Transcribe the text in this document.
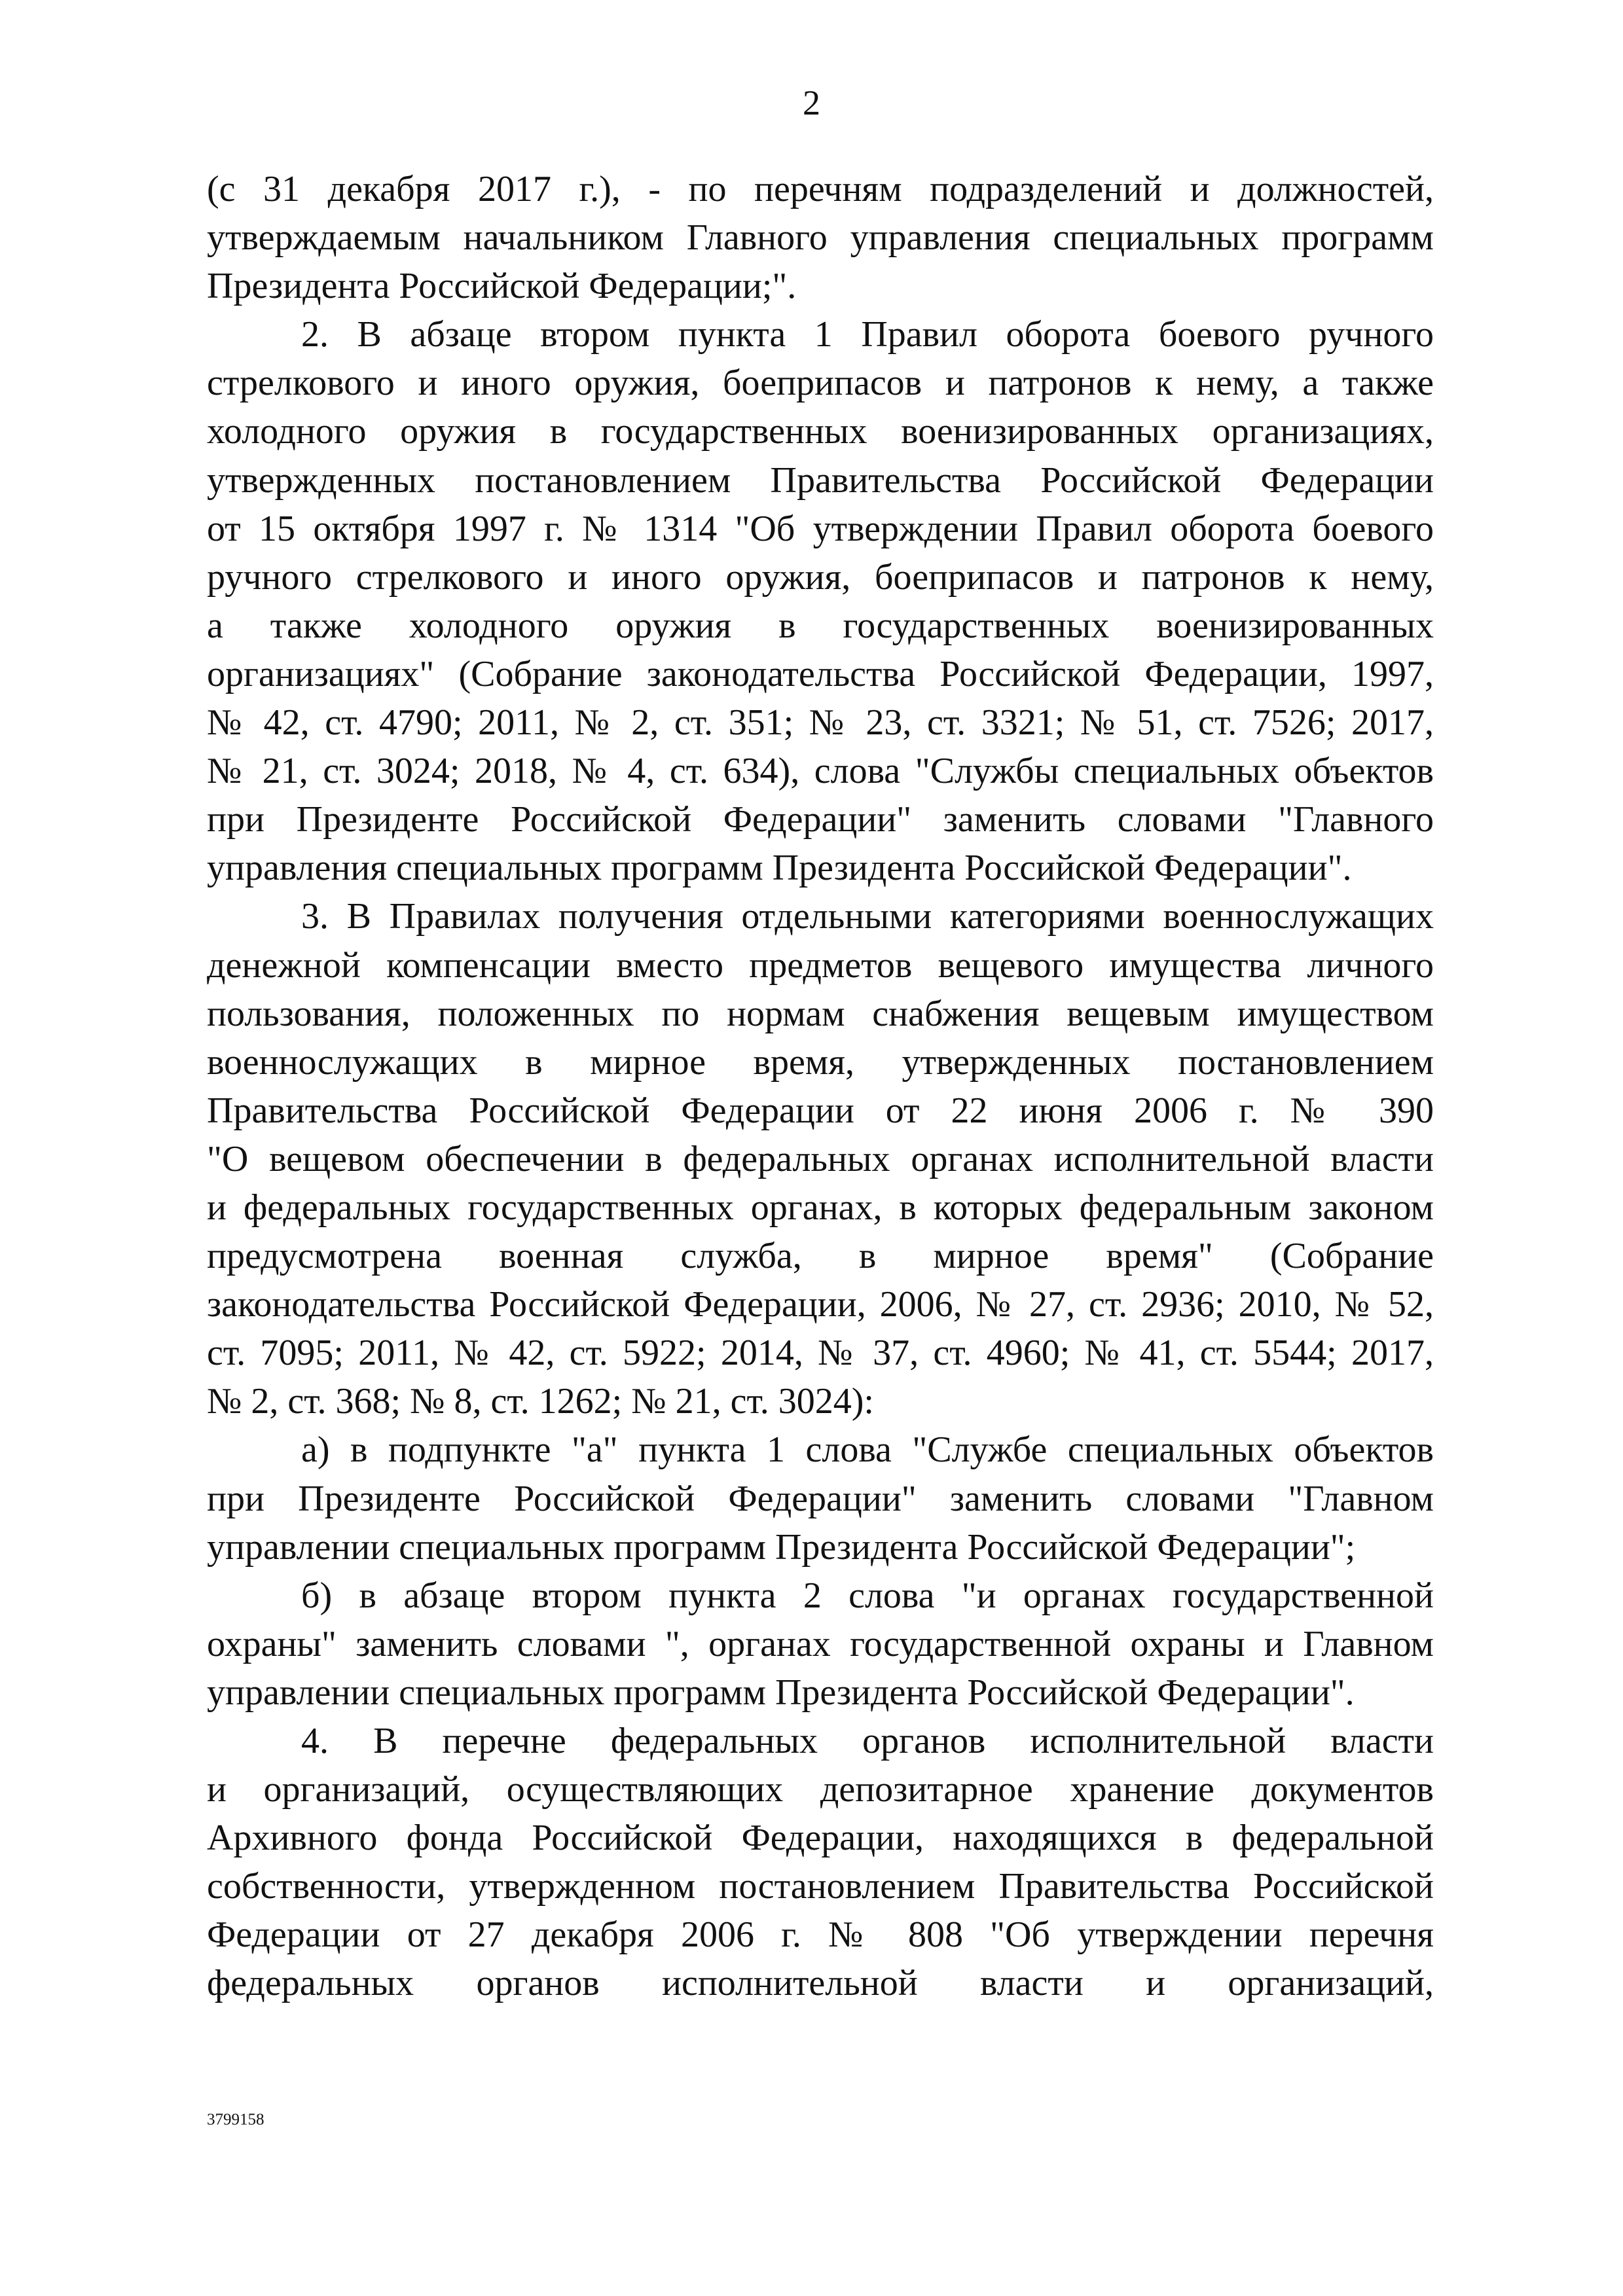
2
(с 31 декабря 2017 г.), - по перечням подразделений и должностей,
утверждаемым начальником Главного управления специальных программ
Президента Российской Федерации;".
2. В абзаце втором пункта 1 Правил оборота боевого ручного
стрелкового и иного оружия, боеприпасов и патронов к нему, а также
холодного оружия в государственных военизированных организациях,
утвержденных постановлением Правительства Российской Федерации
от 15 октября 1997 г. № 1314 "Об утверждении Правил оборота боевого
ручного стрелкового и иного оружия, боеприпасов и патронов к нему,
а также холодного оружия в государственных военизированных
организациях" (Собрание законодательства Российской Федерации, 1997,
№ 42, ст. 4790; 2011, № 2, ст. 351; № 23, ст. 3321; № 51, ст. 7526; 2017,
№ 21, ст. 3024; 2018, № 4, ст. 634), слова "Службы специальных объектов
при Президенте Российской Федерации" заменить словами "Главного
управления специальных программ Президента Российской Федерации".
3. В Правилах получения отдельными категориями военнослужащих
денежной компенсации вместо предметов вещевого имущества личного
пользования, положенных по нормам снабжения вещевым имуществом
военнослужащих в мирное время, утвержденных постановлением
Правительства Российской Федерации от 22 июня 2006 г. № 390
"О вещевом обеспечении в федеральных органах исполнительной власти
и федеральных государственных органах, в которых федеральным законом
предусмотрена военная служба, в мирное время" (Собрание
законодательства Российской Федерации, 2006, № 27, ст. 2936; 2010, № 52,
ст. 7095; 2011, № 42, ст. 5922; 2014, № 37, ст. 4960; № 41, ст. 5544; 2017,
№ 2, ст. 368; № 8, ст. 1262; № 21, ст. 3024):
а) в подпункте "а" пункта 1 слова "Службе специальных объектов
при Президенте Российской Федерации" заменить словами "Главном
управлении специальных программ Президента Российской Федерации";
б) в абзаце втором пункта 2 слова "и органах государственной
охраны" заменить словами ", органах государственной охраны и Главном
управлении специальных программ Президента Российской Федерации".
4. В перечне федеральных органов исполнительной власти
и организаций, осуществляющих депозитарное хранение документов
Архивного фонда Российской Федерации, находящихся в федеральной
собственности, утвержденном постановлением Правительства Российской
Федерации от 27 декабря 2006 г. № 808 "Об утверждении перечня
федеральных органов исполнительной власти и организаций,
3799158
